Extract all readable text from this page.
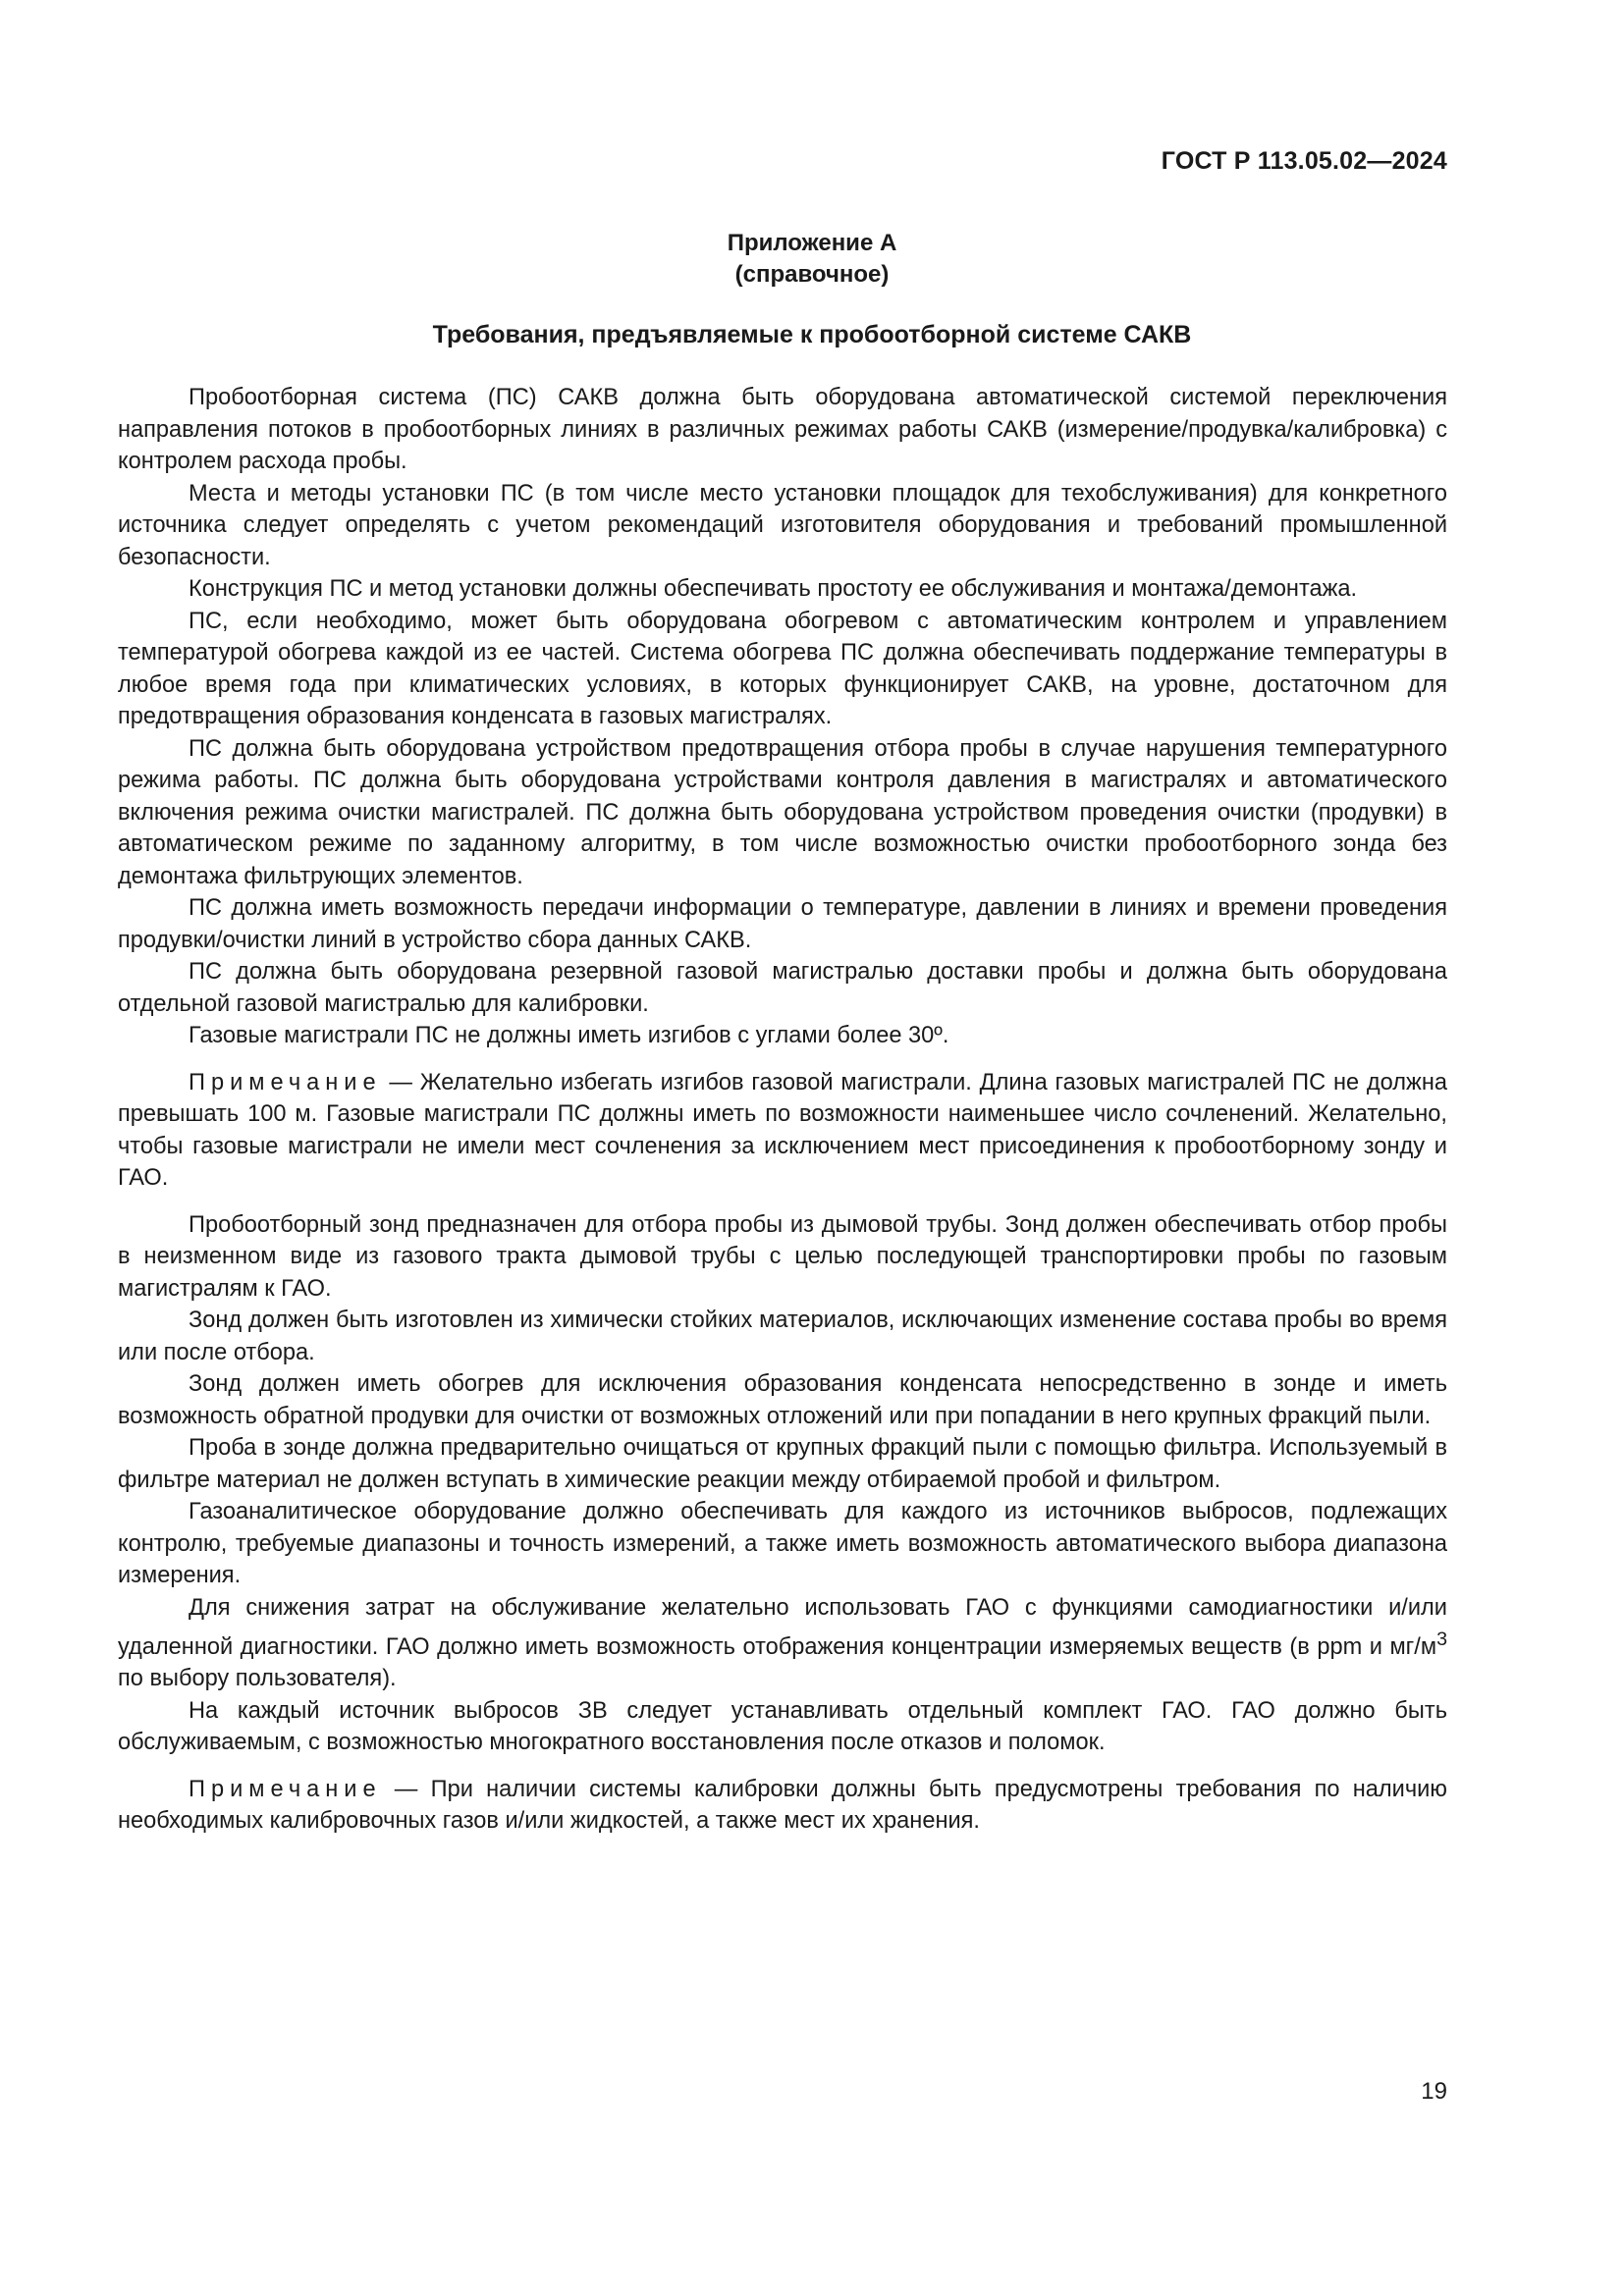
ГОСТ Р 113.05.02—2024
Приложение А
(справочное)
Требования, предъявляемые к пробоотборной системе САКВ

Пробоотборная система (ПС) САКВ должна быть оборудована автоматической системой переключения направления потоков в пробоотборных линиях в различных режимах работы САКВ (измерение/продувка/калибровка) с контролем расхода пробы.

Места и методы установки ПС (в том числе место установки площадок для техобслуживания) для конкретного источника следует определять с учетом рекомендаций изготовителя оборудования и требований промышленной безопасности.

Конструкция ПС и метод установки должны обеспечивать простоту ее обслуживания и монтажа/демонтажа.

ПС, если необходимо, может быть оборудована обогревом с автоматическим контролем и управлением температурой обогрева каждой из ее частей. Система обогрева ПС должна обеспечивать поддержание температуры в любое время года при климатических условиях, в которых функционирует САКВ, на уровне, достаточном для предотвращения образования конденсата в газовых магистралях.

ПС должна быть оборудована устройством предотвращения отбора пробы в случае нарушения температурного режима работы. ПС должна быть оборудована устройствами контроля давления в магистралях и автоматического включения режима очистки магистралей. ПС должна быть оборудована устройством проведения очистки (продувки) в автоматическом режиме по заданному алгоритму, в том числе возможностью очистки пробоотборного зонда без демонтажа фильтрующих элементов.

ПС должна иметь возможность передачи информации о температуре, давлении в линиях и времени проведения продувки/очистки линий в устройство сбора данных САКВ.

ПС должна быть оборудована резервной газовой магистралью доставки пробы и должна быть оборудована отдельной газовой магистралью для калибровки.

Газовые магистрали ПС не должны иметь изгибов с углами более 30º.

Примечание — Желательно избегать изгибов газовой магистрали. Длина газовых магистралей ПС не должна превышать 100 м. Газовые магистрали ПС должны иметь по возможности наименьшее число сочленений. Желательно, чтобы газовые магистрали не имели мест сочленения за исключением мест присоединения к пробоотборному зонду и ГАО.

Пробоотборный зонд предназначен для отбора пробы из дымовой трубы. Зонд должен обеспечивать отбор пробы в неизменном виде из газового тракта дымовой трубы с целью последующей транспортировки пробы по газовым магистралям к ГАО.

Зонд должен быть изготовлен из химически стойких материалов, исключающих изменение состава пробы во время или после отбора.

Зонд должен иметь обогрев для исключения образования конденсата непосредственно в зонде и иметь возможность обратной продувки для очистки от возможных отложений или при попадании в него крупных фракций пыли.

Проба в зонде должна предварительно очищаться от крупных фракций пыли с помощью фильтра. Используемый в фильтре материал не должен вступать в химические реакции между отбираемой пробой и фильтром.

Газоаналитическое оборудование должно обеспечивать для каждого из источников выбросов, подлежащих контролю, требуемые диапазоны и точность измерений, а также иметь возможность автоматического выбора диапазона измерения.

Для снижения затрат на обслуживание желательно использовать ГАО с функциями самодиагностики и/или удаленной диагностики. ГАО должно иметь возможность отображения концентрации измеряемых веществ (в ppm и $мг/м^3$ по выбору пользователя).

На каждый источник выбросов ЗВ следует устанавливать отдельный комплект ГАО. ГАО должно быть обслуживаемым, с возможностью многократного восстановления после отказов и поломок.

Примечание — При наличии системы калибровки должны быть предусмотрены требования по наличию необходимых калибровочных газов и/или жидкостей, а также мест их хранения.

19
